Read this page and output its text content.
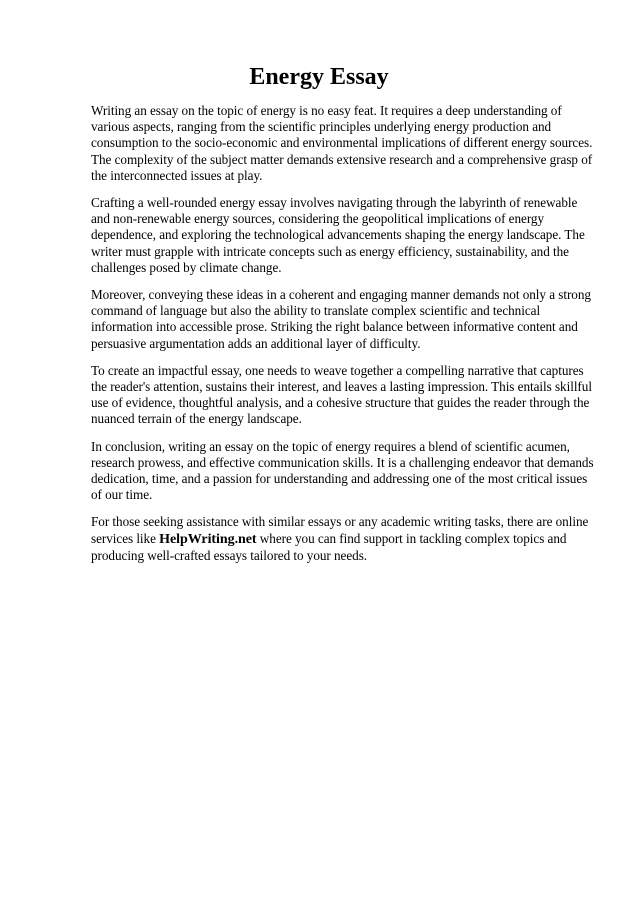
Energy Essay

Writing an essay on the topic of energy is no easy feat. It requires a deep understanding of
various aspects, ranging from the scientific principles underlying energy production and
consumption to the socio-economic and environmental implications of different energy sources.
The complexity of the subject matter demands extensive research and a comprehensive grasp of
the interconnected issues at play.

Crafting a well-rounded energy essay involves navigating through the labyrinth of renewable
and non-renewable energy sources, considering the geopolitical implications of energy
dependence, and exploring the technological advancements shaping the energy landscape. The
writer must grapple with intricate concepts such as energy efficiency, sustainability, and the
challenges posed by climate change.

Moreover, conveying these ideas in a coherent and engaging manner demands not only a strong
command of language but also the ability to translate complex scientific and technical
information into accessible prose. Striking the right balance between informative content and
persuasive argumentation adds an additional layer of difficulty.

To create an impactful essay, one needs to weave together a compelling narrative that captures
the reader's attention, sustains their interest, and leaves a lasting impression. This entails skillful
use of evidence, thoughtful analysis, and a cohesive structure that guides the reader through the
nuanced terrain of the energy landscape.

In conclusion, writing an essay on the topic of energy requires a blend of scientific acumen,
research prowess, and effective communication skills. It is a challenging endeavor that demands
dedication, time, and a passion for understanding and addressing one of the most critical issues
of our time.

For those seeking assistance with similar essays or any academic writing tasks, there are online
services like HelpWriting.net where you can find support in tackling complex topics and
producing well-crafted essays tailored to your needs.
